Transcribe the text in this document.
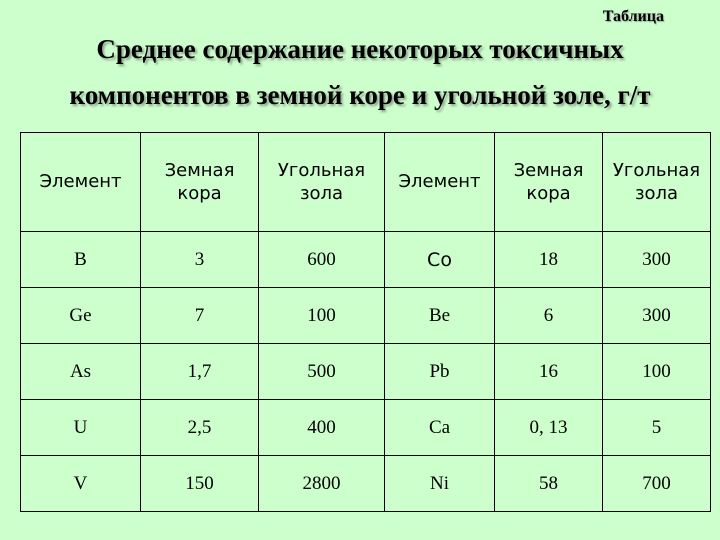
Таблица
Среднее содержание некоторых токсичных
компонентов в земной коре и угольной золе, г/т
Элемент	Земная кора	Угольная зола	Элемент	Земная кора	Угольная зола
B	3	600	Co	18	300
Ge	7	100	Be	6	300
As	1,7	500	Pb	16	100
U	2,5	400	Ca	0, 13	5
V	150	2800	Ni	58	700
